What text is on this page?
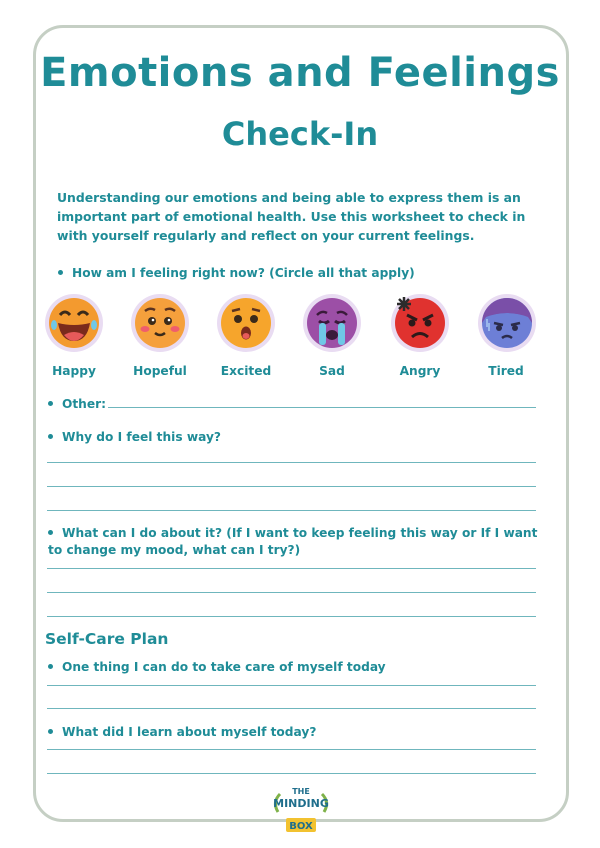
Emotions and Feelings
Check-In
Understanding our emotions and being able to express them is an important part of emotional health. Use this worksheet to check in with yourself regularly and reflect on your current feelings.
How am I feeling right now? (Circle all that apply)
Happy	Hopeful	Excited	Sad	Angry	Tired
Other:
Why do I feel this way?
What can I do about it? (If I want to keep feeling this way or If I want to change my mood, what can I try?)
Self-Care Plan
One thing I can do to take care of myself today
What did I learn about myself today?
THE
MINDING
BOX
